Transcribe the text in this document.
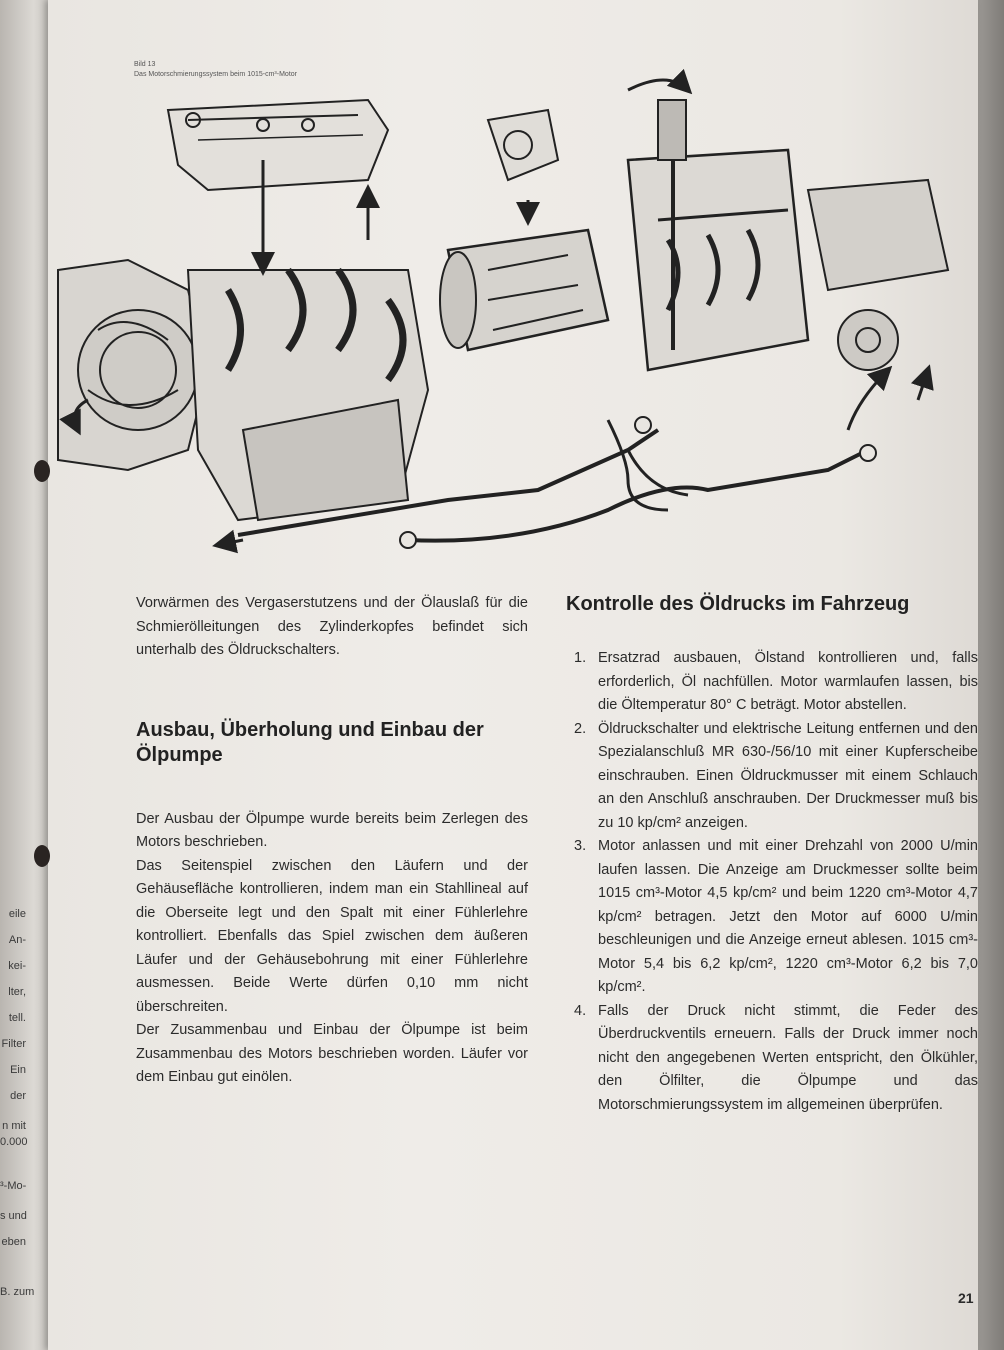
eile
An-
kei-
lter,
tell.
Filter
Ein
der
n mit
0.000
³-Mo-
s und
eben
B. zum
Bild 13
Das Motorschmierungssystem beim 1015-cm³-Motor

Vorwärmen des Vergaserstutzens und der Ölauslaß für die Schmierölleitungen des Zylinderkopfes befindet sich unterhalb des Öldruckschalters.

Ausbau, Überholung und Einbau der Ölpumpe

Der Ausbau der Ölpumpe wurde bereits beim Zerlegen des Motors beschrieben.

Das Seitenspiel zwischen den Läufern und der Gehäusefläche kontrollieren, indem man ein Stahllineal auf die Oberseite legt und den Spalt mit einer Fühlerlehre kontrolliert. Ebenfalls das Spiel zwischen dem äußeren Läufer und der Gehäusebohrung mit einer Fühlerlehre ausmessen. Beide Werte dürfen 0,10 mm nicht überschreiten.

Der Zusammenbau und Einbau der Ölpumpe ist beim Zusammenbau des Motors beschrieben worden. Läufer vor dem Einbau gut einölen.

Kontrolle des Öldrucks im Fahrzeug
1. Ersatzrad ausbauen, Ölstand kontrollieren und, falls erforderlich, Öl nachfüllen. Motor warmlaufen lassen, bis die Öltemperatur 80° C beträgt. Motor abstellen.
2. Öldruckschalter und elektrische Leitung entfernen und den Spezialanschluß MR 630-/56/10 mit einer Kupferscheibe einschrauben. Einen Öldruckmusser mit einem Schlauch an den Anschluß anschrauben. Der Druckmesser muß bis zu 10 kp/cm² anzeigen.
3. Motor anlassen und mit einer Drehzahl von 2000 U/min laufen lassen. Die Anzeige am Druckmesser sollte beim 1015 cm³-Motor 4,5 kp/cm² und beim 1220 cm³-Motor 4,7 kp/cm² betragen. Jetzt den Motor auf 6000 U/min beschleunigen und die Anzeige erneut ablesen. 1015 cm³-Motor 5,4 bis 6,2 kp/cm², 1220 cm³-Motor 6,2 bis 7,0 kp/cm².
4. Falls der Druck nicht stimmt, die Feder des Überdruckventils erneuern. Falls der Druck immer noch nicht den angegebenen Werten entspricht, den Ölkühler, den Ölfilter, die Ölpumpe und das Motorschmierungssystem im allgemeinen überprüfen.
21
